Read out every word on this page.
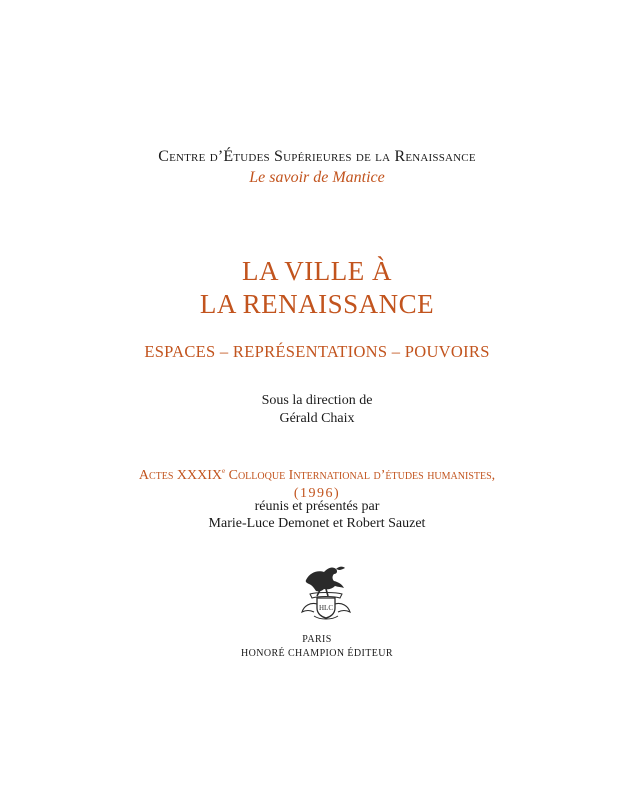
Centre d’Études Supérieures de la Renaissance
Le savoir de Mantice
LA VILLE À
LA RENAISSANCE
ESPACES – REPRÉSENTATIONS – POUVOIRS
Sous la direction de
Gérald Chaix
Actes XXXIXe Colloque International d’études humanistes,
(1996)
réunis et présentés par
Marie-Luce Demonet et Robert Sauzet
HLC
PARIS
HONORÉ CHAMPION ÉDITEUR
